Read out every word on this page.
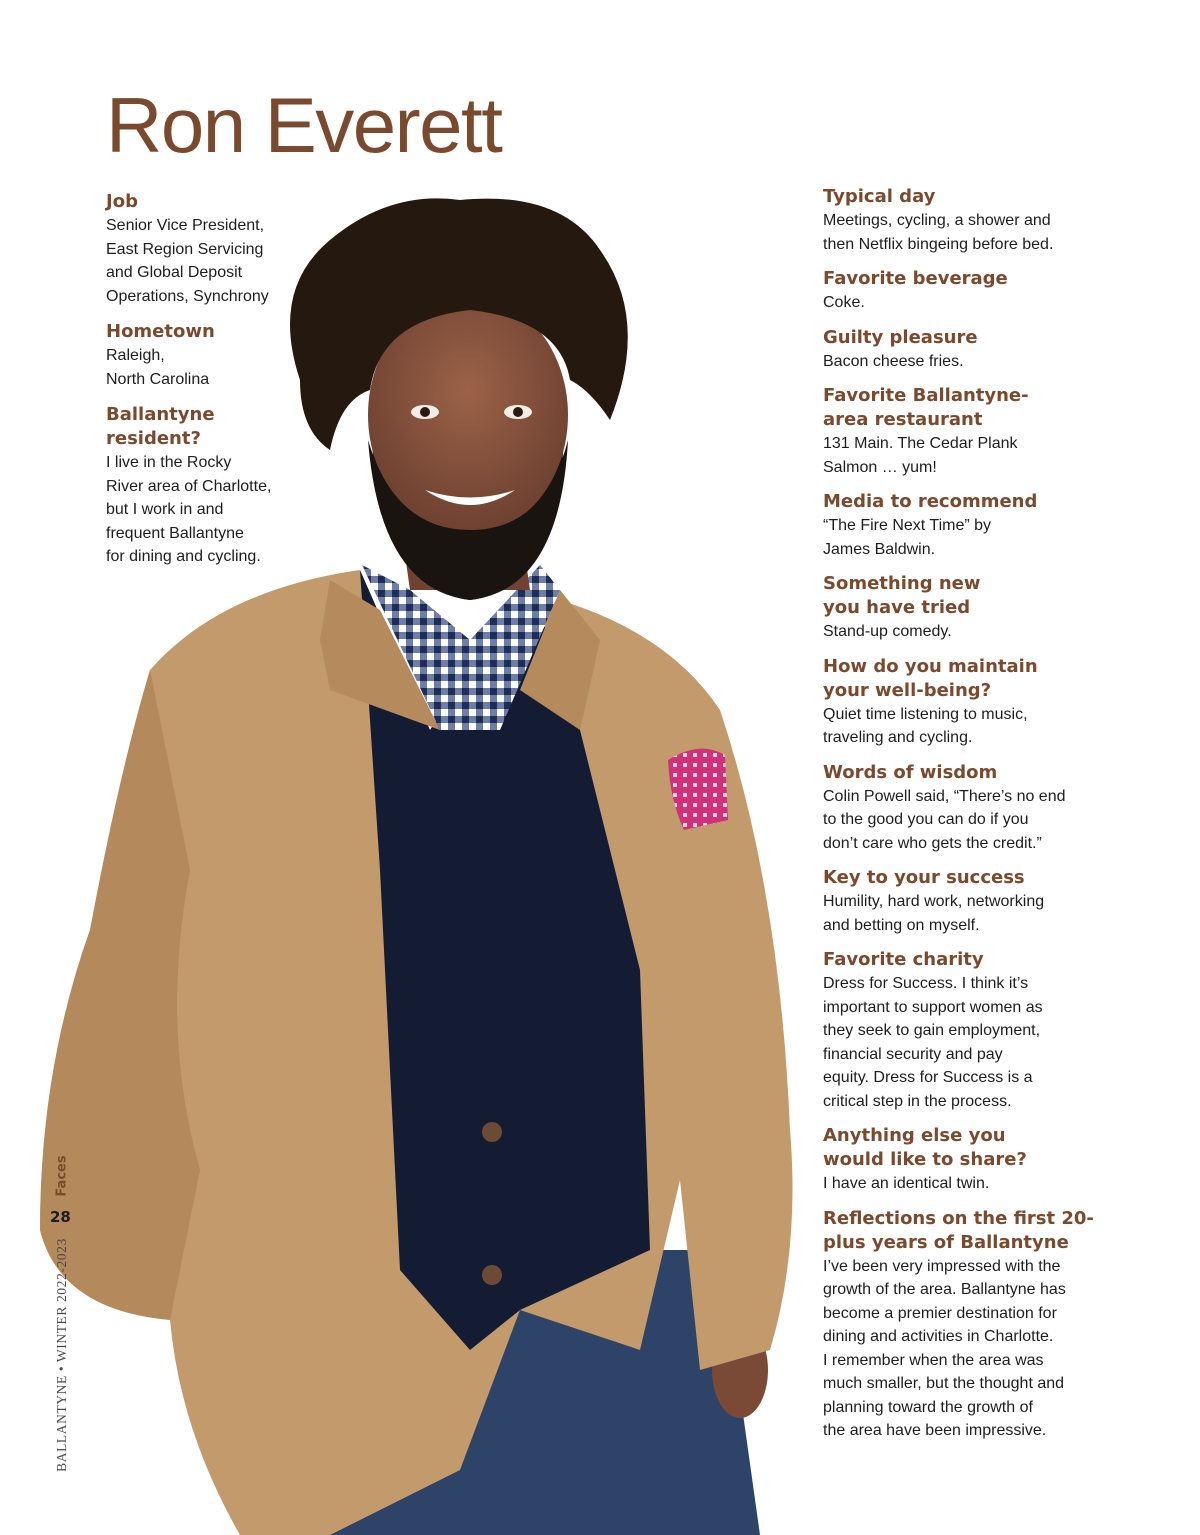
Ron Everett

Job

Senior Vice President,
East Region Servicing
and Global Deposit
Operations, Synchrony

Hometown

Raleigh,
North Carolina

Ballantyne
resident?

I live in the Rocky
River area of Charlotte,
but I work in and
frequent Ballantyne
for dining and cycling.

Typical day

Meetings, cycling, a shower and
then Netflix bingeing before bed.

Favorite beverage

Coke.

Guilty pleasure

Bacon cheese fries.

Favorite Ballantyne-
area restaurant

131 Main. The Cedar Plank
Salmon … yum!

Media to recommend

“The Fire Next Time” by
James Baldwin.

Something new
you have tried

Stand-up comedy.

How do you maintain
your well-being?

Quiet time listening to music,
traveling and cycling.

Words of wisdom

Colin Powell said, “There’s no end
to the good you can do if you
don’t care who gets the credit.”

Key to your success

Humility, hard work, networking
and betting on myself.

Favorite charity

Dress for Success. I think it’s
important to support women as
they seek to gain employment,
financial security and pay
equity. Dress for Success is a
critical step in the process.

Anything else you
would like to share?

I have an identical twin.

Reflections on the first 20-
plus years of Ballantyne

I’ve been very impressed with the
growth of the area. Ballantyne has
become a premier destination for
dining and activities in Charlotte.
I remember when the area was
much smaller, but the thought and
planning toward the growth of
the area have been impressive.

Faces
28
BALLANTYNE • WINTER 2022-2023
